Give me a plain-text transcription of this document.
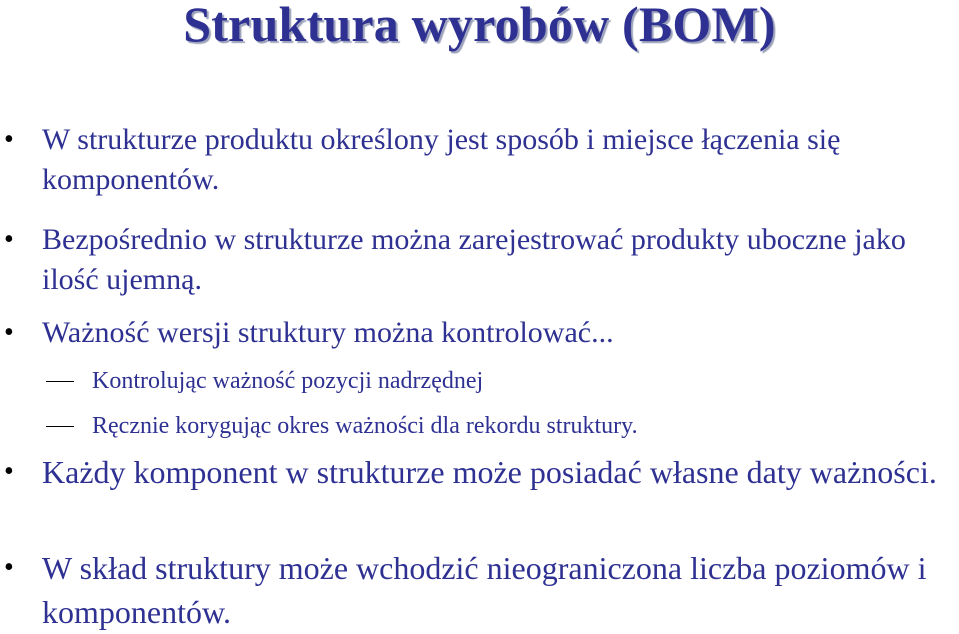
Struktura wyrobów (BOM)
• W strukturze produktu określony jest sposób i miejsce łączenia się komponentów.
• Bezpośrednio w strukturze można zarejestrować produkty uboczne jako ilość ujemną.
• Ważność wersji struktury można kontrolować...
Kontrolując ważność pozycji nadrzędnej
Ręcznie korygując okres ważności dla rekordu struktury.
• Każdy komponent w strukturze może posiadać własne daty ważności.
• W skład struktury może wchodzić nieograniczona liczba poziomów i komponentów.
